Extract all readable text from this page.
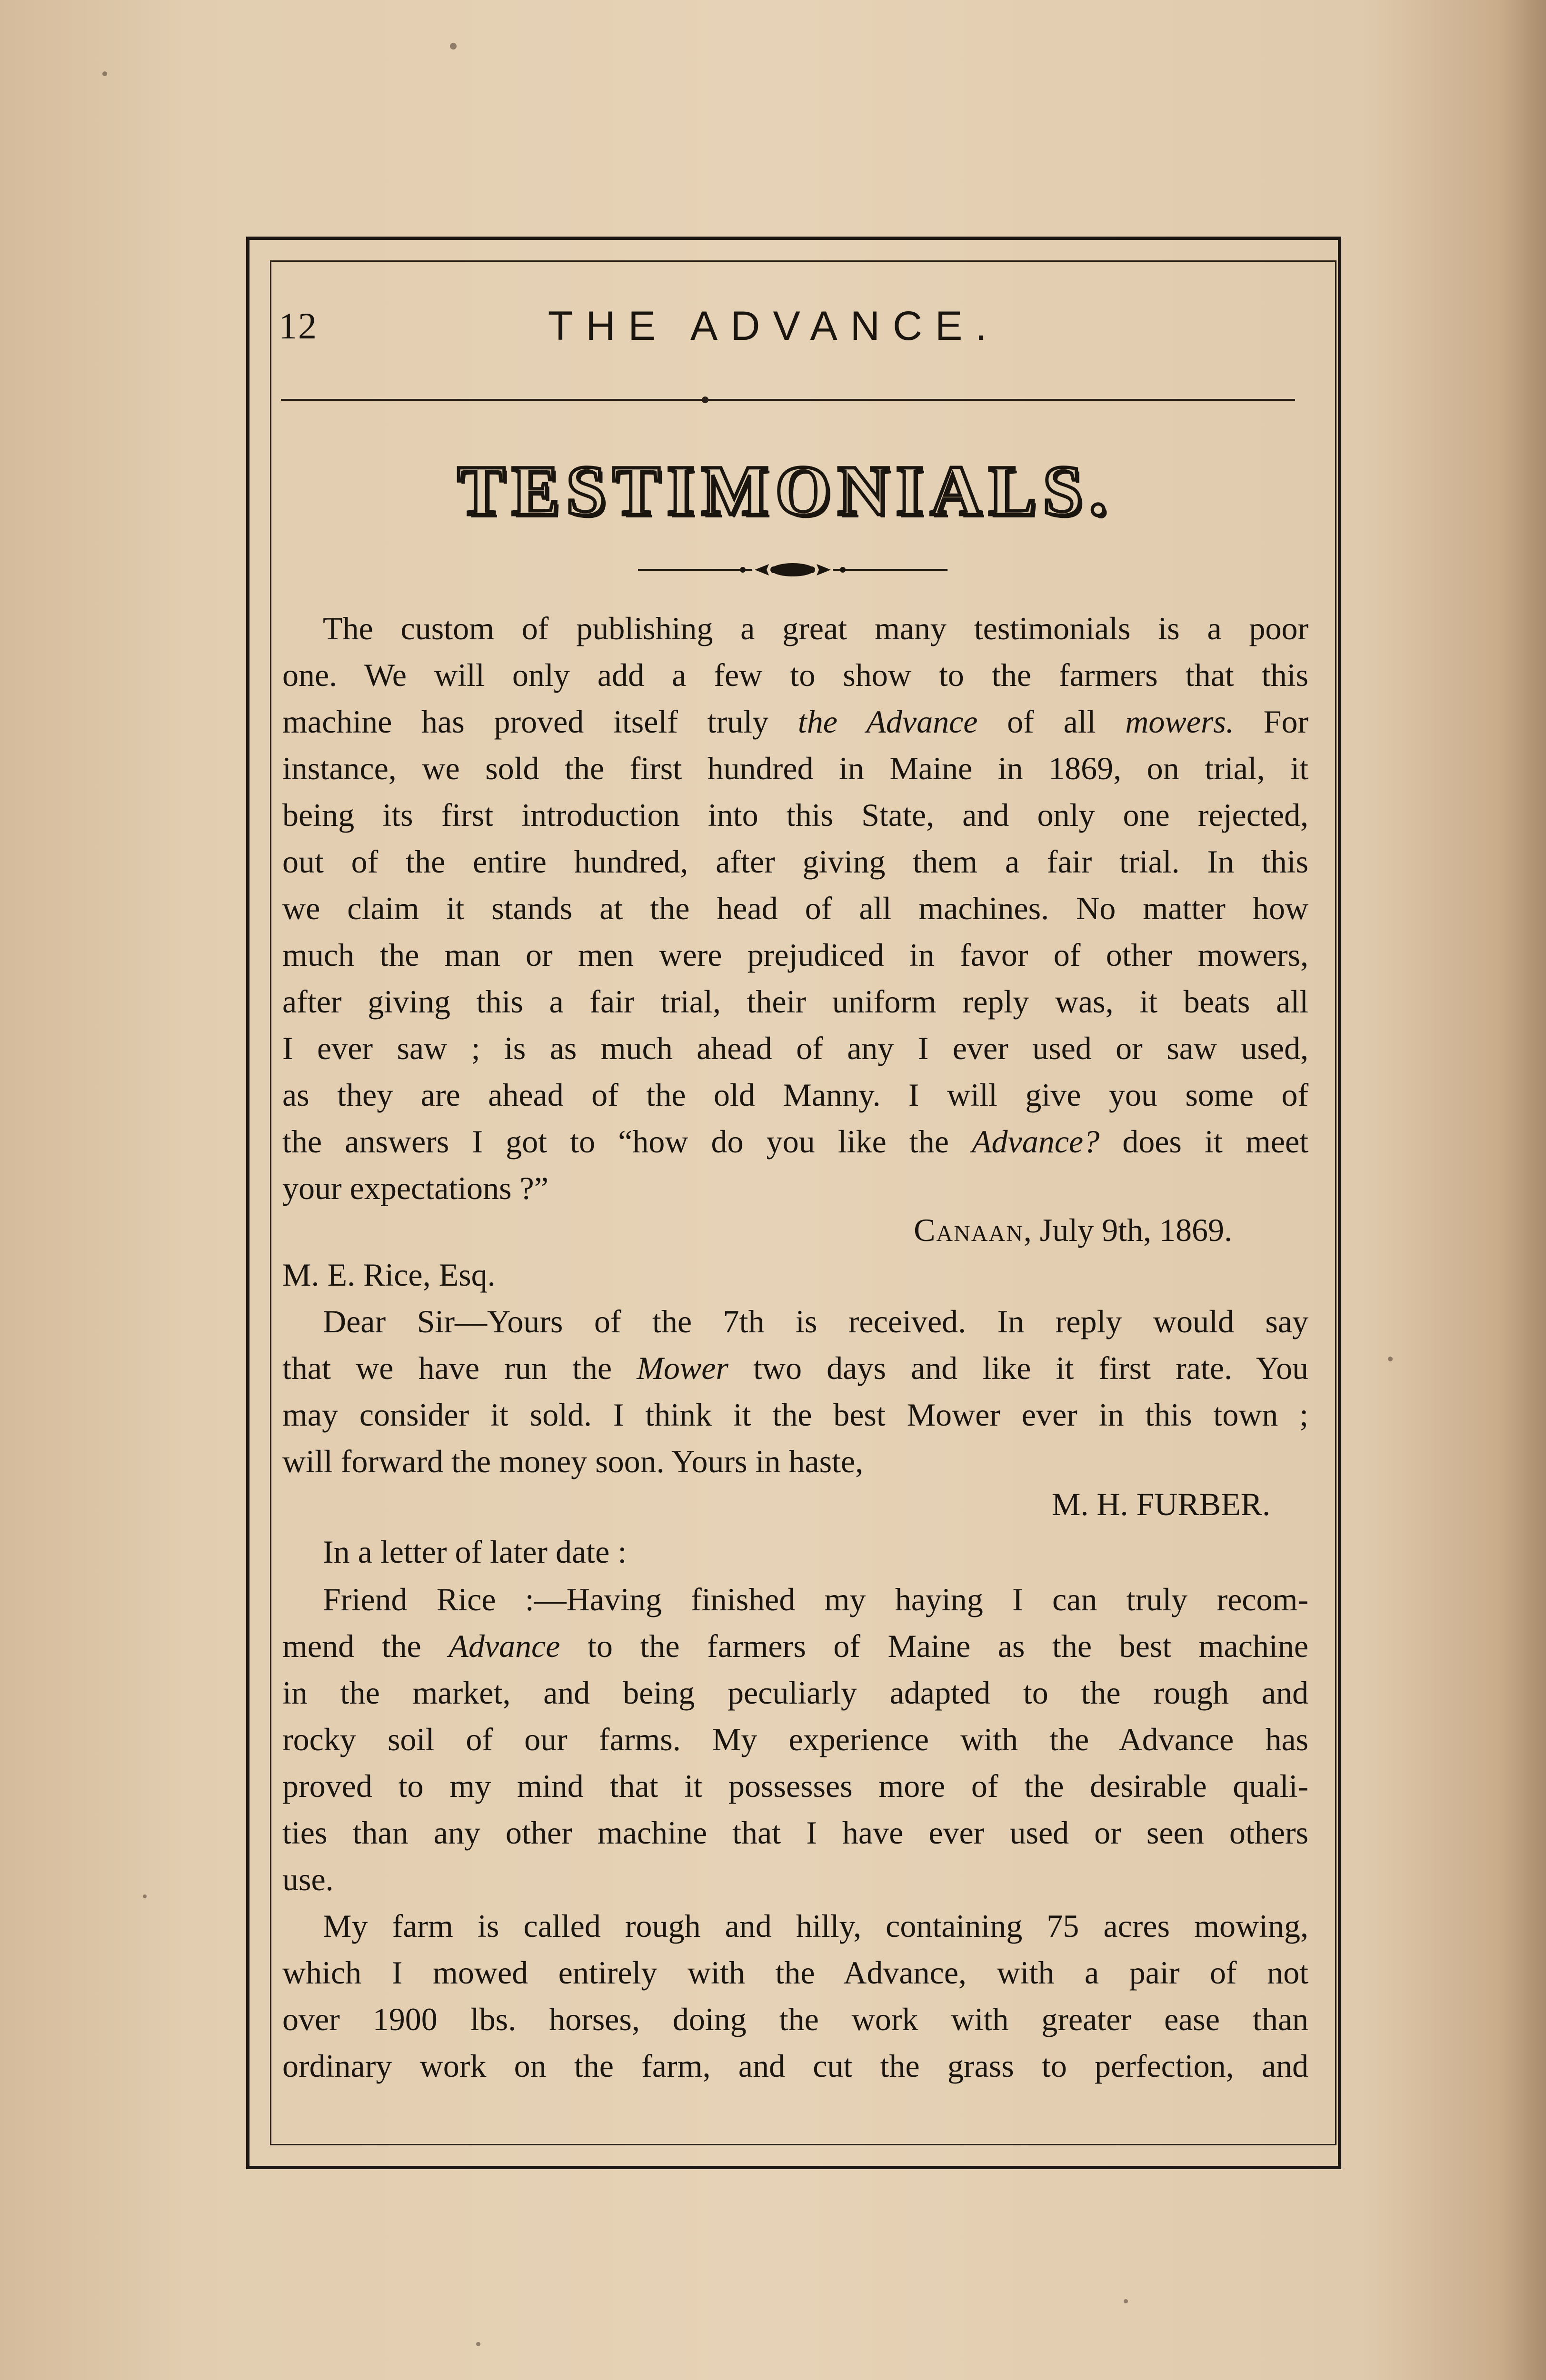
12	THE ADVANCE.
TESTIMONIALS.
The custom of publishing a great many testimonials is a poor
one. We will only add a few to show to the farmers that this
machine has proved itself truly the Advance of all mowers. For
instance, we sold the first hundred in Maine in 1869, on trial, it
being its first introduction into this State, and only one rejected,
out of the entire hundred, after giving them a fair trial. In this
we claim it stands at the head of all machines. No matter how
much the man or men were prejudiced in favor of other mowers,
after giving this a fair trial, their uniform reply was, it beats all
I ever saw ; is as much ahead of any I ever used or saw used,
as they are ahead of the old Manny. I will give you some of
the answers I got to “how do you like the Advance? does it meet
your expectations ?”
Canaan, July 9th, 1869.
M. E. Rice, Esq.
Dear Sir—Yours of the 7th is received. In reply would say
that we have run the Mower two days and like it first rate. You
may consider it sold. I think it the best Mower ever in this town ;
will forward the money soon. Yours in haste,
M. H. FURBER.
In a letter of later date :
Friend Rice :—Having finished my haying I can truly recom-
mend the Advance to the farmers of Maine as the best machine
in the market, and being peculiarly adapted to the rough and
rocky soil of our farms. My experience with the Advance has
proved to my mind that it possesses more of the desirable quali-
ties than any other machine that I have ever used or seen others
use.
My farm is called rough and hilly, containing 75 acres mowing,
which I mowed entirely with the Advance, with a pair of not
over 1900 lbs. horses, doing the work with greater ease than
ordinary work on the farm, and cut the grass to perfection, and
